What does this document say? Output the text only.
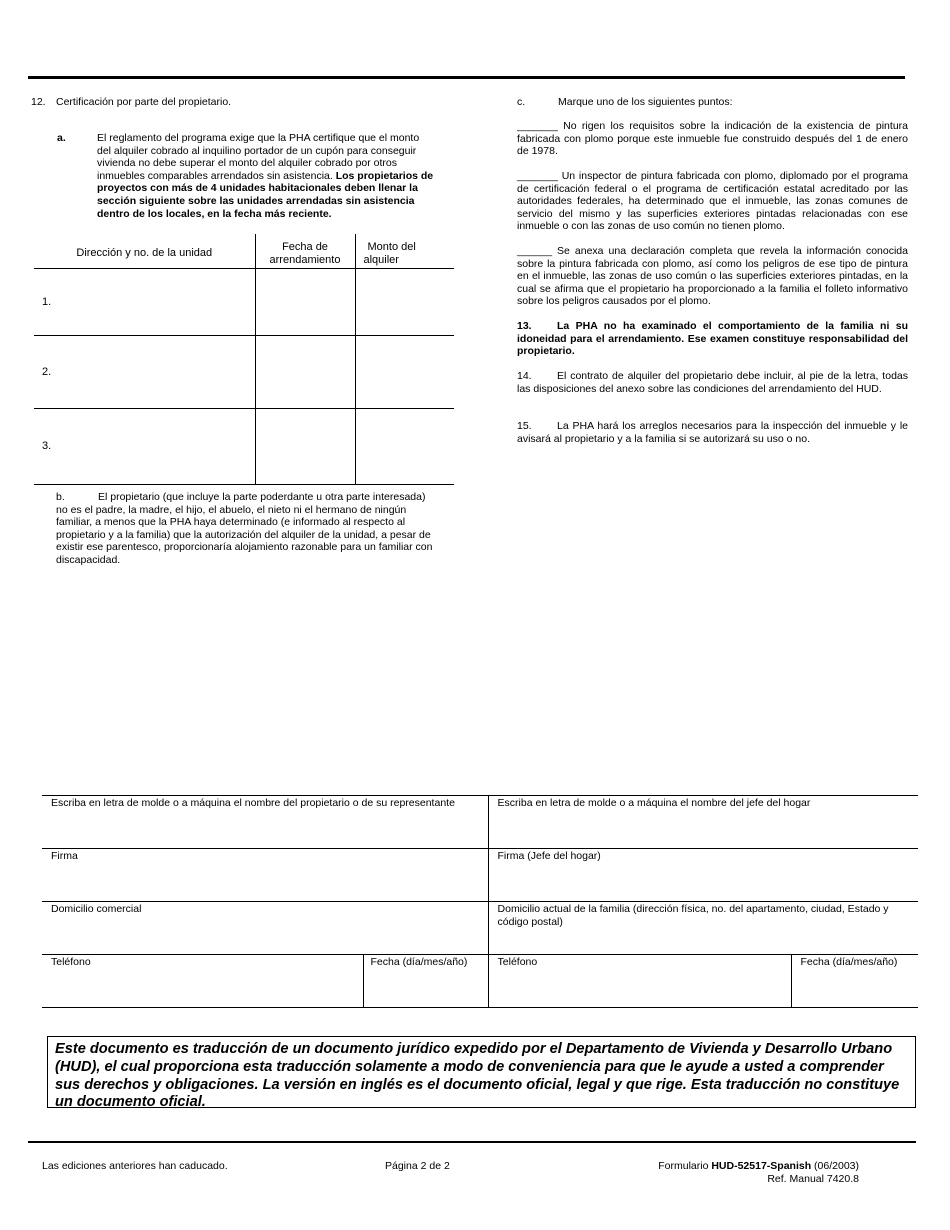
12. Certificación por parte del propietario.
a.	El reglamento del programa exige que la PHA certifique que el monto
del alquiler cobrado al inquilino portador de un cupón para conseguir
vivienda no debe superar el monto del alquiler cobrado por otros
inmuebles comparables arrendados sin asistencia. Los propietarios de
proyectos con más de 4 unidades habitacionales deben llenar la
sección siguiente sobre las unidades arrendadas sin asistencia
dentro de los locales, en la fecha más reciente.
Dirección y no. de la unidad	Fecha de
arrendamiento	Monto del
alquiler
1.		
2.		
3.		
b.	El propietario (que incluye la parte poderdante u otra parte interesada)
no es el padre, la madre, el hijo, el abuelo, el nieto ni el hermano de ningún
familiar, a menos que la PHA haya determinado (e informado al respecto al
propietario y a la familia) que la autorización del alquiler de la unidad, a pesar de
existir ese parentesco, proporcionaría alojamiento razonable para un familiar con
discapacidad.
c.	Marque uno de los siguientes puntos:

_______ No rigen los requisitos sobre la indicación de la existencia de pintura fabricada con plomo porque este inmueble fue construido después del 1 de enero de 1978.

_______ Un inspector de pintura fabricada con plomo, diplomado por el programa de certificación federal o el programa de certificación estatal acreditado por las autoridades federales, ha determinado que el inmueble, las zonas comunes de servicio del mismo y las superficies exteriores pintadas relacionadas con ese inmueble o con las zonas de uso común no tienen plomo.

______ Se anexa una declaración completa que revela la información conocida sobre la pintura fabricada con plomo, así como los peligros de ese tipo de pintura en el inmueble, las zonas de uso común o las superficies exteriores pintadas, en la cual se afirma que el propietario ha proporcionado a la familia el folleto informativo sobre los peligros causados por el plomo.

13. La PHA no ha examinado el comportamiento de la familia ni su idoneidad para el arrendamiento. Ese examen constituye responsabilidad del propietario.

14. El contrato de alquiler del propietario debe incluir, al pie de la letra, todas las disposiciones del anexo sobre las condiciones del arrendamiento del HUD.

15. La PHA hará los arreglos necesarios para la inspección del inmueble y le avisará al propietario y a la familia si se autorizará su uso o no.

Escriba en letra de molde o a máquina el nombre del propietario o de su representante		Escriba en letra de molde o a máquina el nombre del jefe del hogar	
Firma		Firma (Jefe del hogar)	
Domicilio comercial		Domicilio actual de la familia (dirección física, no. del apartamento, ciudad, Estado y código postal)	
Teléfono	Fecha (día/mes/año)	Teléfono	Fecha (día/mes/año)
Este documento es traducción de un documento jurídico expedido por el Departamento de Vivienda y Desarrollo Urbano (HUD), el cual proporciona esta traducción solamente a modo de conveniencia para que le ayude a usted a comprender sus derechos y obligaciones. La versión en inglés es el documento oficial, legal y que rige. Esta traducción no constituye un documento oficial.
Las ediciones anteriores han caducado.	Página 2 de 2	Formulario HUD-52517-Spanish (06/2003)
Ref. Manual 7420.8
